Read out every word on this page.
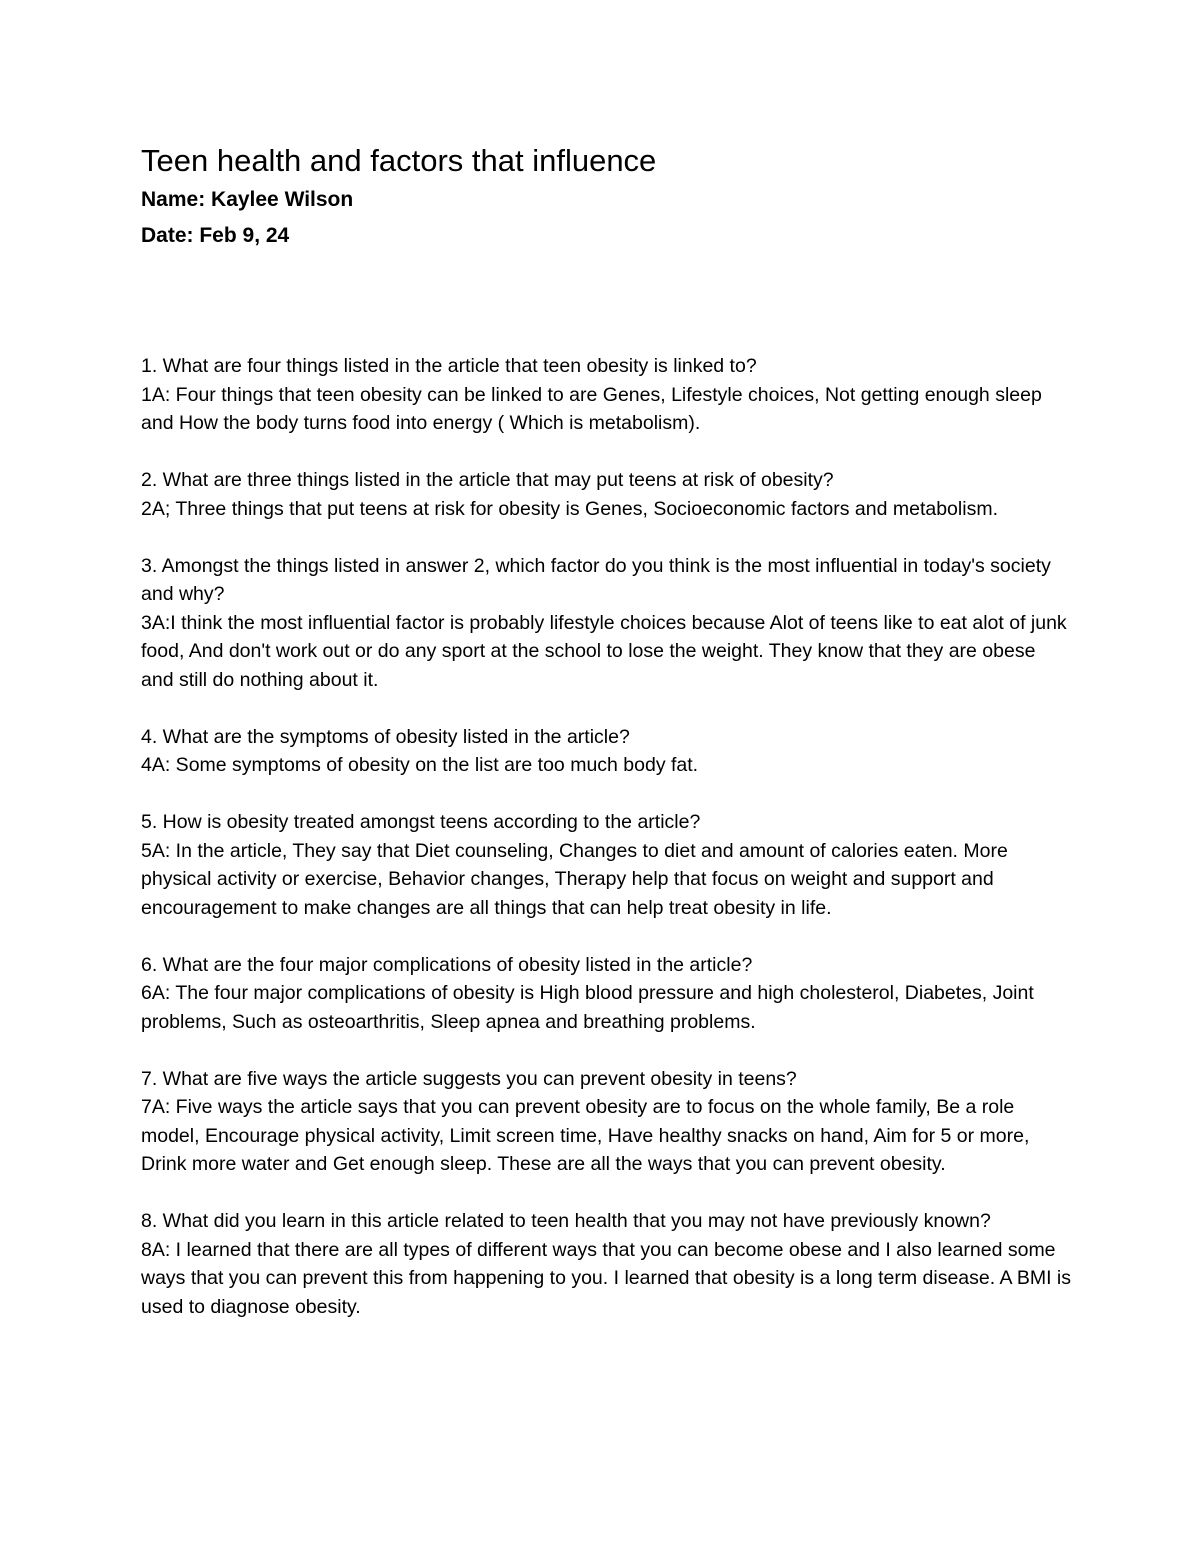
Teen health and factors that influence

Name: Kaylee Wilson

Date: Feb 9, 24

1. What are four things listed in the article that teen obesity is linked to?

1A: Four things that teen obesity can be linked to are Genes, Lifestyle choices, Not getting enough sleep and How the body turns food into energy ( Which is metabolism).

2. What are three things listed in the article that may put teens at risk of obesity?

2A; Three things that put teens at risk for obesity is Genes, Socioeconomic factors and metabolism.

3. Amongst the things listed in answer 2, which factor do you think is the most influential in today's society and why?

3A:I think the most influential factor is probably lifestyle choices because Alot of teens like to eat alot of junk food, And don't work out or do any sport at the school to lose the weight. They know that they are obese and still do nothing about it.

4. What are the symptoms of obesity listed in the article?

4A: Some symptoms of obesity on the list are too much body fat.

5. How is obesity treated amongst teens according to the article?

5A: In the article, They say that Diet counseling, Changes to diet and amount of calories eaten. More physical activity or exercise, Behavior changes, Therapy help that focus on weight and support and encouragement to make changes are all things that can help treat obesity in life.

6. What are the four major complications of obesity listed in the article?

6A: The four major complications of obesity is High blood pressure and high cholesterol, Diabetes, Joint problems, Such as osteoarthritis, Sleep apnea and breathing problems.

7. What are five ways the article suggests you can prevent obesity in teens?

7A: Five ways the article says that you can prevent obesity are to focus on the whole family, Be a role model, Encourage physical activity, Limit screen time, Have healthy snacks on hand, Aim for 5 or more, Drink more water and Get enough sleep. These are all the ways that you can prevent obesity.

8. What did you learn in this article related to teen health that you may not have previously known?

8A: I learned that there are all types of different ways that you can become obese and I also learned some ways that you can prevent this from happening to you. I learned that obesity is a long term disease. A BMI is used to diagnose obesity.
